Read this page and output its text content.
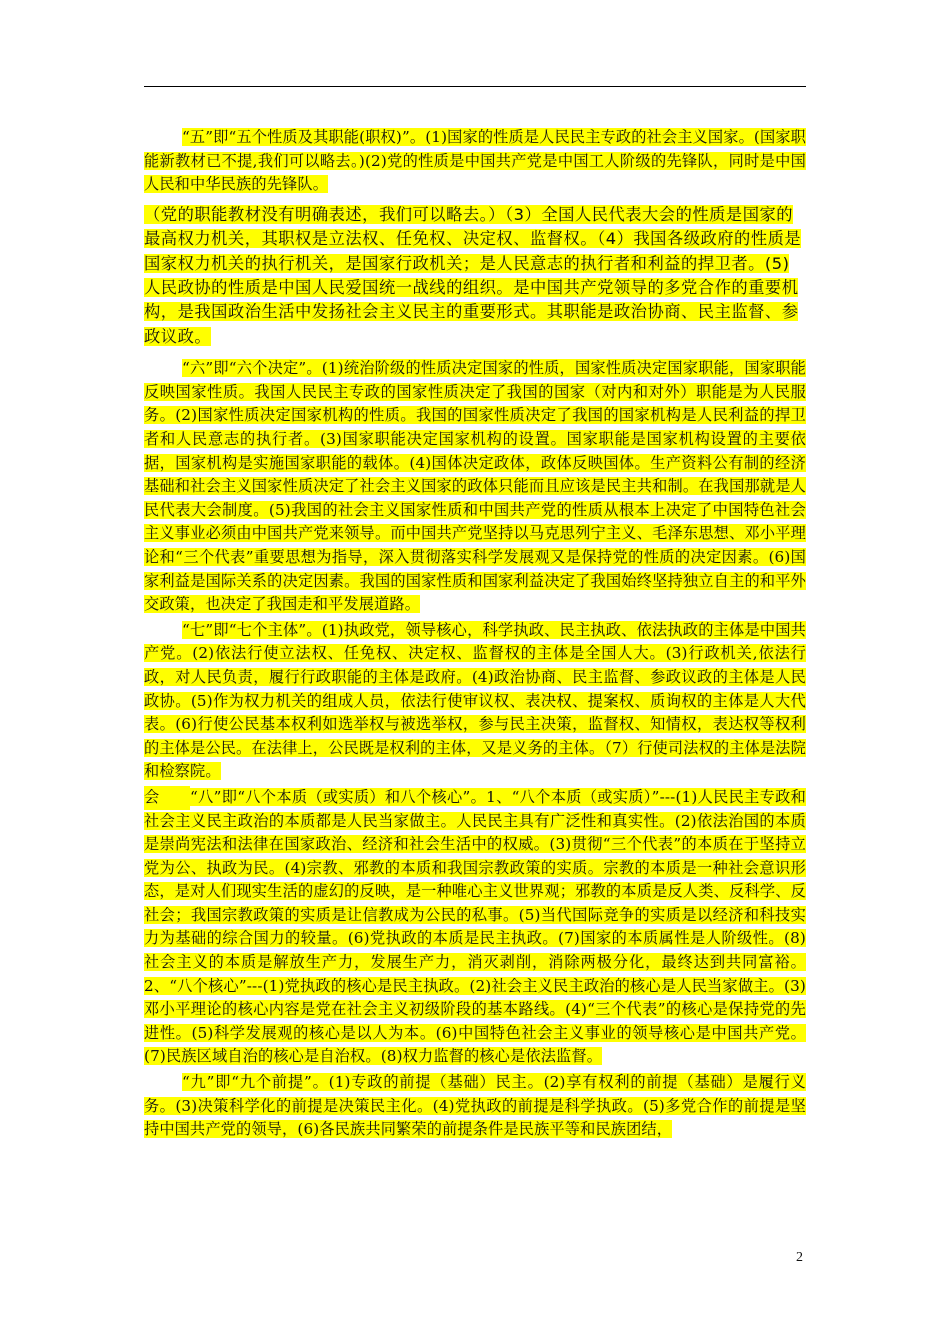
“五”即“五个性质及其职能(职权)”。(1)国家的性质是人民民主专政的社会主义国家。(国家职能新教材已不提,我们可以略去。)(2)党的性质是中国共产党是中国工人阶级的先锋队，同时是中国人民和中华民族的先锋队。

（党的职能教材没有明确表述，我们可以略去。）（3）全国人民代表大会的性质是国家的最高权力机关，其职权是立法权、任免权、决定权、监督权。（4）我国各级政府的性质是国家权力机关的执行机关，是国家行政机关；是人民意志的执行者和利益的捍卫者。(5)人民政协的性质是中国人民爱国统一战线的组织。是中国共产党领导的多党合作的重要机构，是我国政治生活中发扬社会主义民主的重要形式。其职能是政治协商、民主监督、参政议政。

“六”即“六个决定”。(1)统治阶级的性质决定国家的性质，国家性质决定国家职能，国家职能反映国家性质。我国人民民主专政的国家性质决定了我国的国家（对内和对外）职能是为人民服务。(2)国家性质决定国家机构的性质。我国的国家性质决定了我国的国家机构是人民利益的捍卫者和人民意志的执行者。(3)国家职能决定国家机构的设置。国家职能是国家机构设置的主要依据，国家机构是实施国家职能的载体。(4)国体决定政体，政体反映国体。生产资料公有制的经济基础和社会主义国家性质决定了社会主义国家的政体只能而且应该是民主共和制。在我国那就是人民代表大会制度。(5)我国的社会主义国家性质和中国共产党的性质从根本上决定了中国特色社会主义事业必须由中国共产党来领导。而中国共产党坚持以马克思列宁主义、毛泽东思想、邓小平理论和“三个代表”重要思想为指导，深入贯彻落实科学发展观又是保持党的性质的决定因素。(6)国家利益是国际关系的决定因素。我国的国家性质和国家利益决定了我国始终坚持独立自主的和平外交政策，也决定了我国走和平发展道路。

“七”即“七个主体”。(1)执政党，领导核心，科学执政、民主执政、依法执政的主体是中国共产党。(2)依法行使立法权、任免权、决定权、监督权的主体是全国人大。(3)行政机关,依法行政，对人民负责，履行行政职能的主体是政府。(4)政治协商、民主监督、参政议政的主体是人民政协。(5)作为权力机关的组成人员，依法行使审议权、表决权、提案权、质询权的主体是人大代表。(6)行使公民基本权利如选举权与被选举权，参与民主决策，监督权、知情权，表达权等权利的主体是公民。在法律上，公民既是权利的主体，又是义务的主体。（7）行使司法权的主体是法院和检察院。

会 “八”即“八个本质（或实质）和八个核心”。1、“八个本质（或实质）”---(1)人民民主专政和社会主义民主政治的本质都是人民当家做主。人民民主具有广泛性和真实性。(2)依法治国的本质是崇尚宪法和法律在国家政治、经济和社会生活中的权威。(3)贯彻“三个代表”的本质在于坚持立党为公、执政为民。(4)宗教、邪教的本质和我国宗教政策的实质。宗教的本质是一种社会意识形态，是对人们现实生活的虚幻的反映，是一种唯心主义世界观；邪教的本质是反人类、反科学、反社会；我国宗教政策的实质是让信教成为公民的私事。(5)当代国际竞争的实质是以经济和科技实力为基础的综合国力的较量。(6)党执政的本质是民主执政。(7)国家的本质属性是人阶级性。(8)社会主义的本质是解放生产力，发展生产力，消灭剥削，消除两极分化，最终达到共同富裕。2、“八个核心”---(1)党执政的核心是民主执政。(2)社会主义民主政治的核心是人民当家做主。(3)邓小平理论的核心内容是党在社会主义初级阶段的基本路线。(4)“三个代表”的核心是保持党的先进性。(5)科学发展观的核心是以人为本。(6)中国特色社会主义事业的领导核心是中国共产党。(7)民族区域自治的核心是自治权。(8)权力监督的核心是依法监督。

“九”即“九个前提”。(1)专政的前提（基础）民主。(2)享有权利的前提（基础）是履行义务。(3)决策科学化的前提是决策民主化。(4)党执政的前提是科学执政。(5)多党合作的前提是坚持中国共产党的领导，(6)各民族共同繁荣的前提条件是民族平等和民族团结，

2
